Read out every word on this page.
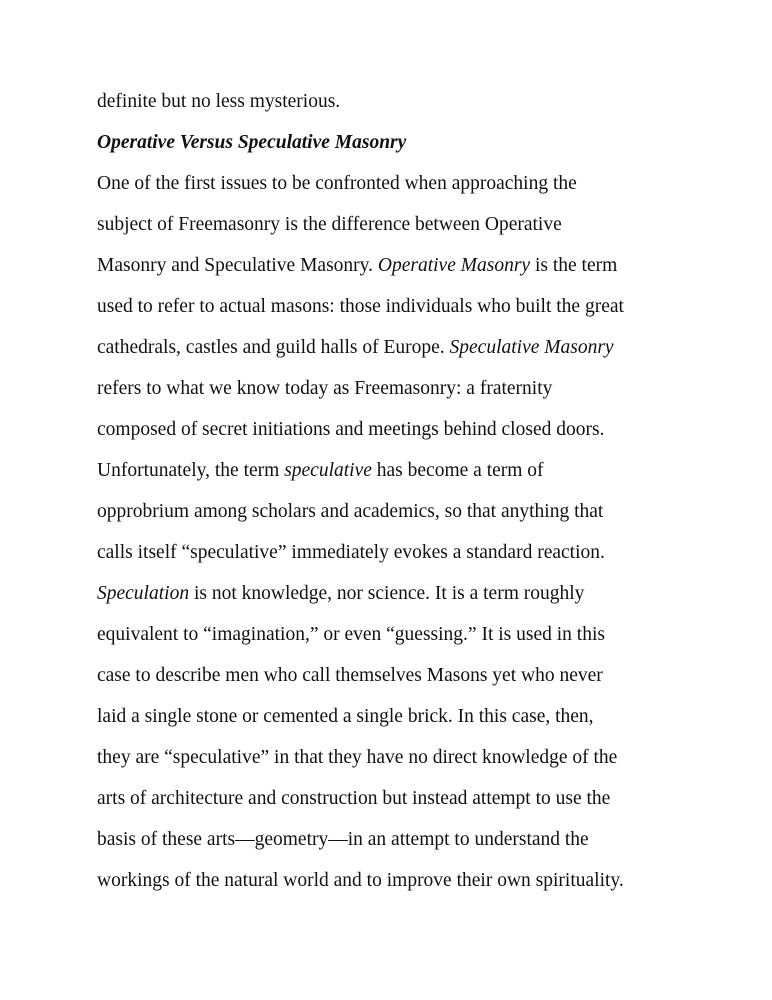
definite but no less mysterious.
Operative Versus Speculative Masonry
One of the first issues to be confronted when approaching the
subject of Freemasonry is the difference between Operative
Masonry and Speculative Masonry. Operative Masonry is the term
used to refer to actual masons: those individuals who built the great
cathedrals, castles and guild halls of Europe. Speculative Masonry
refers to what we know today as Freemasonry: a fraternity
composed of secret initiations and meetings behind closed doors.
Unfortunately, the term speculative has become a term of
opprobrium among scholars and academics, so that anything that
calls itself “speculative” immediately evokes a standard reaction.
Speculation is not knowledge, nor science. It is a term roughly
equivalent to “imagination,” or even “guessing.” It is used in this
case to describe men who call themselves Masons yet who never
laid a single stone or cemented a single brick. In this case, then,
they are “speculative” in that they have no direct knowledge of the
arts of architecture and construction but instead attempt to use the
basis of these arts—geometry—in an attempt to understand the
workings of the natural world and to improve their own spirituality.
